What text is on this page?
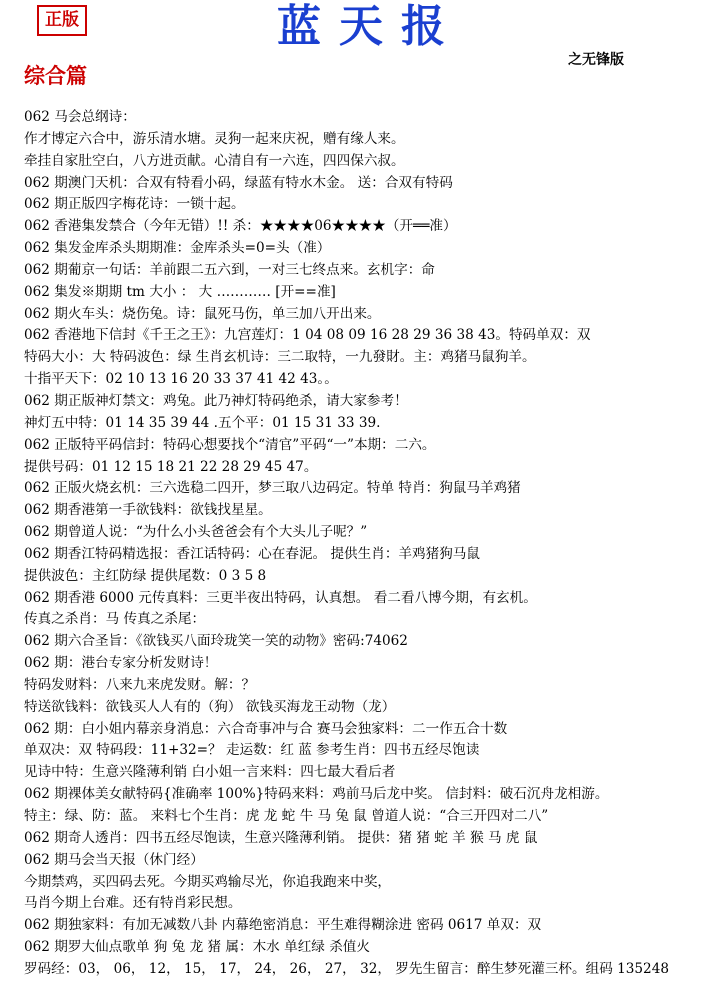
正版	蓝天报
之无锋版
综合篇
062 马会总纲诗：
作才博定六合中，游乐清水塘。灵狗一起来庆祝，赠有缘人来。
牵挂自家肚空白，八方进贡献。心清自有一六连，四四保六叔。
062 期澳门天机：合双有特看小码，绿蓝有特水木金。 送：合双有特码
062 期正版四字梅花诗：一锁十起。
062 香港集发禁合（今年无错）!! 杀：★★★★06★★★★（开══准）
062 集发金库杀头期期准：金库杀头=0=头（准）
062 期葡京一句话：羊前跟二五六到，一对三七终点来。玄机字：命
062 集发※期期 tm 大小 ： 大 ………… [开==准]
062 期火车头：烧伤兔。诗：鼠死马伤，单三加八开出来。
062 香港地下信封《千王之王》：九宫莲灯：1 04 08 09 16 28 29 36 38 43。特码单双：双
特码大小：大 特码波色：绿 生肖玄机诗：三二取特，一九發財。主：鸡猪马鼠狗羊。
十指平天下：02 10 13 16 20 33 37 41 42 43。。
062 期正版神灯禁文：鸡兔。此乃神灯特码绝杀，请大家参考！
神灯五中特：01 14 35 39 44 .五个平：01 15 31 33 39.
062 正版特平码信封：特码心想要找个“清官”平码“一”本期：二六。
提供号码：01 12 15 18 21 22 28 29 45 47。
062 正版火烧玄机：三六选稳二四开，梦三取八边码定。特单 特肖：狗鼠马羊鸡猪
062 期香港第一手欲钱料：欲钱找星星。
062 期曾道人说：“为什么小头爸爸会有个大头儿子呢？”
062 期香江特码精选报：香江话特码：心在春泥。 提供生肖：羊鸡猪狗马鼠
提供波色：主红防绿 提供尾数：0 3 5 8
062 期香港 6000 元传真料：三更半夜出特码，认真想。 看二看八博今期，有玄机。
传真之杀肖：马 传真之杀尾：
062 期六合圣旨：《欲钱买八面玲珑笑一笑的动物》密码:74062
062 期：港台专家分析发财诗！
特码发财料：八来九来虎发财。解：？
特送欲钱料：欲钱买人人有的（狗） 欲钱买海龙王动物（龙）
062 期：白小姐内幕亲身消息：六合奇事冲与合 赛马会独家料：二一作五合十数
单双决：双 特码段：11+32=？ 走运数：红 蓝 参考生肖：四书五经尽饱读
见诗中特：生意兴隆薄利销 白小姐一言来料：四七最大看后者
062 期裸体美女献特码{准确率 100%}特码来料：鸡前马后龙中奖。 信封料：破石沉舟龙相游。
特主：绿、防：蓝。 来料七个生肖：虎 龙 蛇 牛 马 兔 鼠 曾道人说：“合三开四对二八”
062 期奇人透肖：四书五经尽饱读，生意兴隆薄利销。 提供：猪 猪 蛇 羊 猴 马 虎 鼠
062 期马会当天报（休门经）
今期禁鸡，买四码去死。今期买鸡输尽光，你追我跑来中奖，
马肖今期上台难。还有特肖彩民想。
062 期独家料：有加无减数八卦 内幕绝密消息：平生难得糊涂进 密码 0617 单双：双
062 期罗大仙点歌单 狗 兔 龙 猪 属：木水 单红绿 杀值火
罗码经：03， 06， 12， 15， 17， 24， 26， 27， 32， 罗先生留言：醉生梦死灌三杯。组码 135248
